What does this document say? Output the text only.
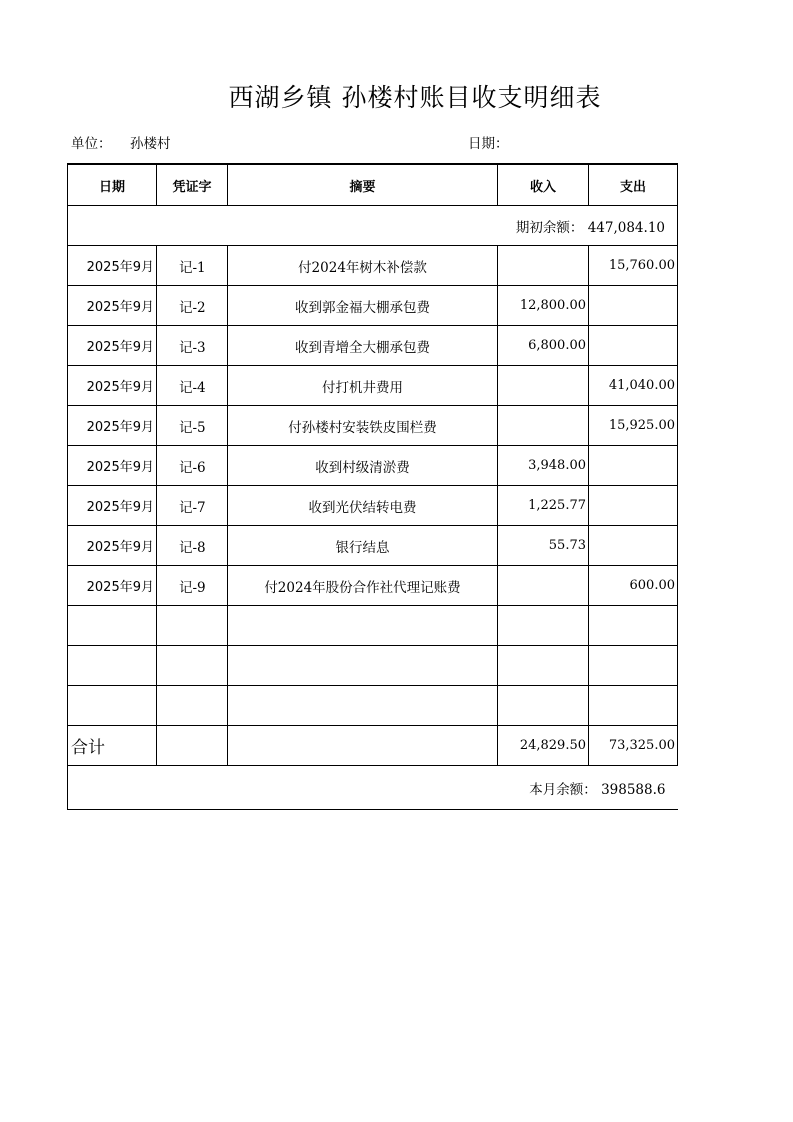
西湖乡镇 孙楼村账目收支明细表
单位： 孙楼村	日期：
日期	凭证字	摘要	收入	支出
期初余额： 447,084.10				
2025年9月	记-1	付2024年树木补偿款		15,760.00
2025年9月	记-2	收到郭金福大棚承包费	12,800.00	
2025年9月	记-3	收到青增全大棚承包费	6,800.00	
2025年9月	记-4	付打机井费用		41,040.00
2025年9月	记-5	付孙楼村安装铁皮围栏费		15,925.00
2025年9月	记-6	收到村级清淤费	3,948.00	
2025年9月	记-7	收到光伏结转电费	1,225.77	
2025年9月	记-8	银行结息	55.73	
2025年9月	记-9	付2024年股份合作社代理记账费		600.00

合计			24,829.50	73,325.00
本月余额： 398588.6				
